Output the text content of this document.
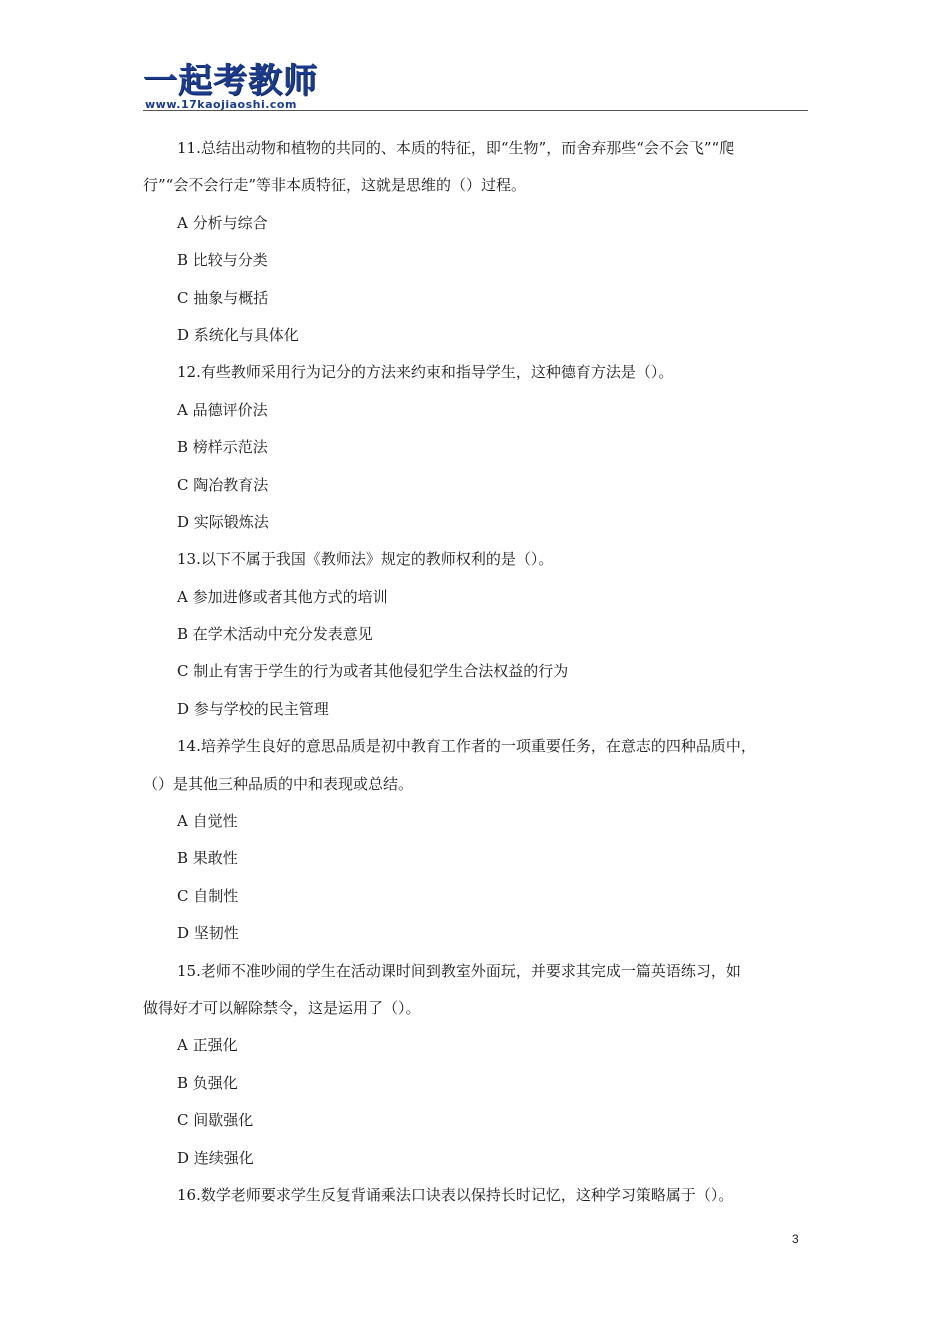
一起考教师
www.17kaojiaoshi.com
11.总结出动物和植物的共同的、本质的特征，即“生物”，而舍弃那些“会不会飞”“爬
行”“会不会行走”等非本质特征，这就是思维的（）过程。
A 分析与综合
B 比较与分类
C 抽象与概括
D 系统化与具体化
12.有些教师采用行为记分的方法来约束和指导学生，这种德育方法是（）。
A 品德评价法
B 榜样示范法
C 陶冶教育法
D 实际锻炼法
13.以下不属于我国《教师法》规定的教师权利的是（）。
A 参加进修或者其他方式的培训
B 在学术活动中充分发表意见
C 制止有害于学生的行为或者其他侵犯学生合法权益的行为
D 参与学校的民主管理
14.培养学生良好的意思品质是初中教育工作者的一项重要任务，在意志的四种品质中，
（）是其他三种品质的中和表现或总结。
A 自觉性
B 果敢性
C 自制性
D 坚韧性
15.老师不准吵闹的学生在活动课时间到教室外面玩，并要求其完成一篇英语练习，如
做得好才可以解除禁令，这是运用了（）。
A 正强化
B 负强化
C 间歇强化
D 连续强化
16.数学老师要求学生反复背诵乘法口诀表以保持长时记忆，这种学习策略属于（）。
3
